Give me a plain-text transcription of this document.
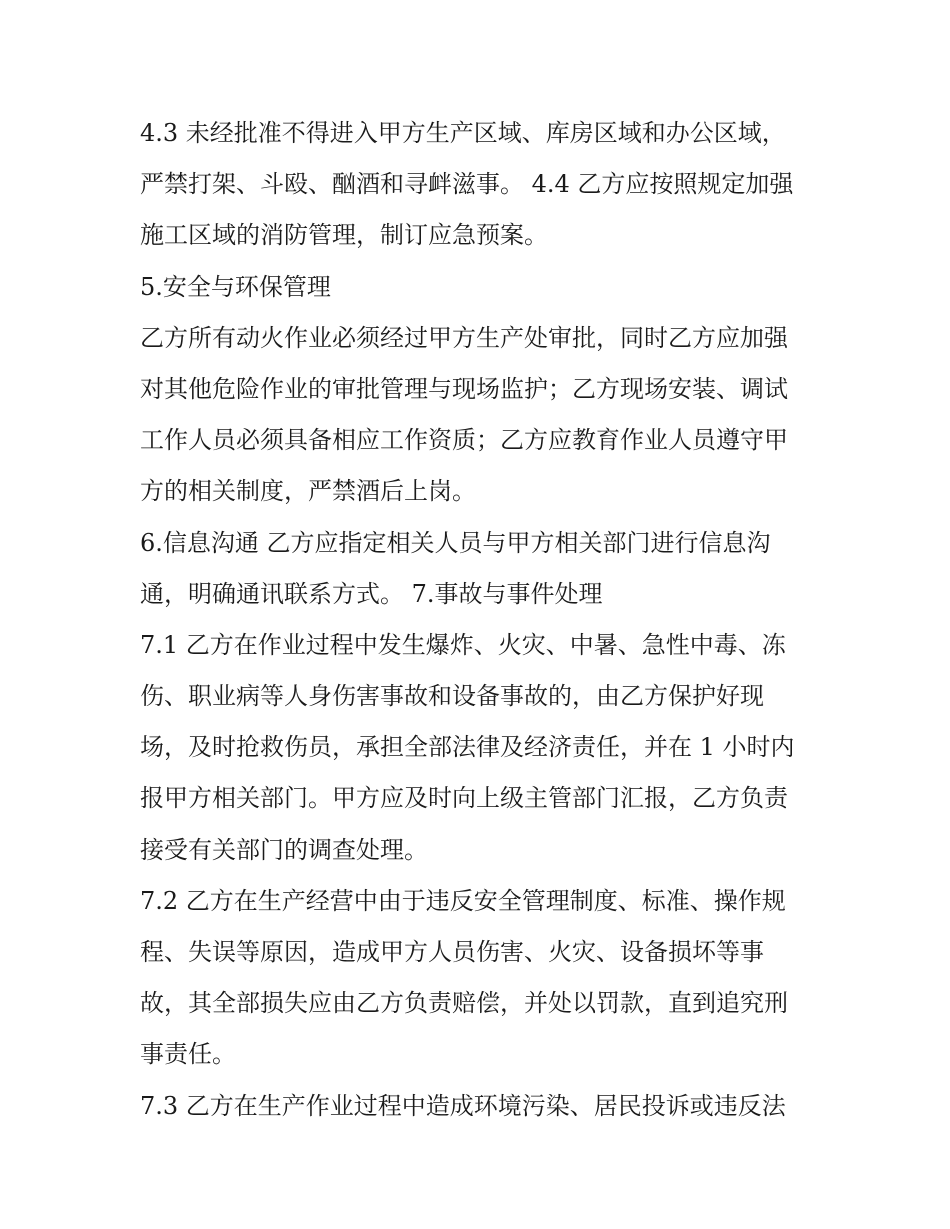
4.3 未经批准不得进入甲方生产区域、库房区域和办公区域，
严禁打架、斗殴、酗酒和寻衅滋事。 4.4 乙方应按照规定加强
施工区域的消防管理，制订应急预案。
5.安全与环保管理
乙方所有动火作业必须经过甲方生产处审批，同时乙方应加强
对其他危险作业的审批管理与现场监护；乙方现场安装、调试
工作人员必须具备相应工作资质；乙方应教育作业人员遵守甲
方的相关制度，严禁酒后上岗。
6.信息沟通 乙方应指定相关人员与甲方相关部门进行信息沟
通，明确通讯联系方式。 7.事故与事件处理
7.1 乙方在作业过程中发生爆炸、火灾、中暑、急性中毒、冻
伤、职业病等人身伤害事故和设备事故的，由乙方保护好现
场，及时抢救伤员，承担全部法律及经济责任，并在 1 小时内
报甲方相关部门。甲方应及时向上级主管部门汇报，乙方负责
接受有关部门的调查处理。
7.2 乙方在生产经营中由于违反安全管理制度、标准、操作规
程、失误等原因，造成甲方人员伤害、火灾、设备损坏等事
故，其全部损失应由乙方负责赔偿，并处以罚款，直到追究刑
事责任。
7.3 乙方在生产作业过程中造成环境污染、居民投诉或违反法
